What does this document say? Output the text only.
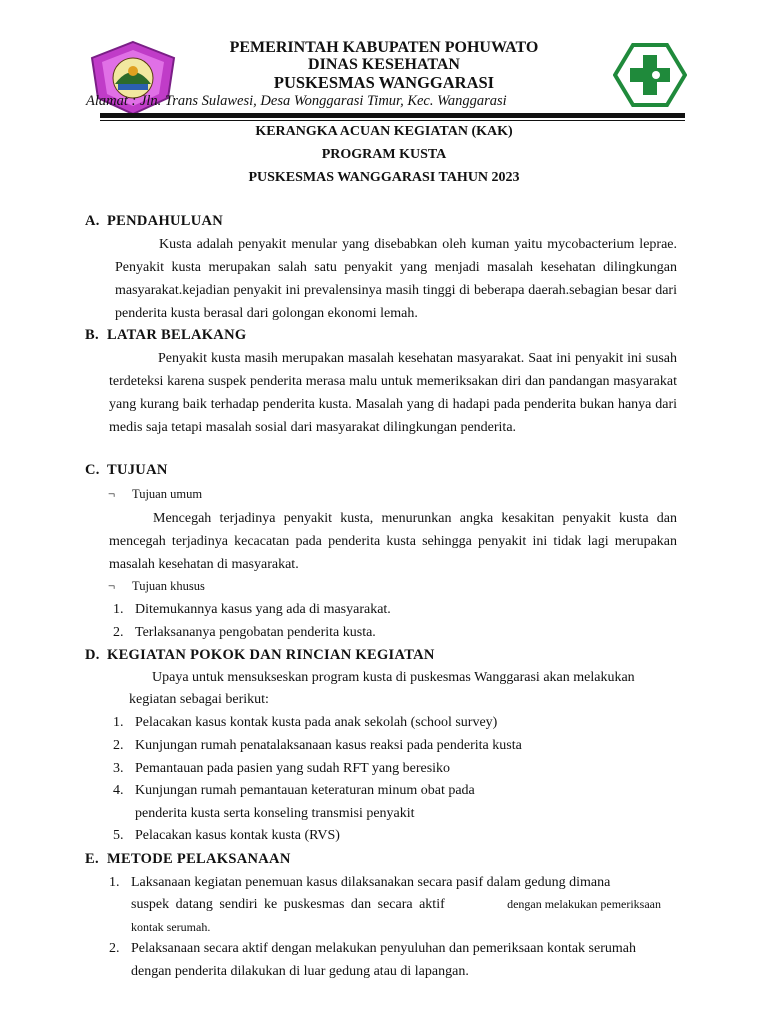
PEMERINTAH KABUPATEN POHUWATO
DINAS KESEHATAN
PUSKESMAS WANGGARASI
Alamat : Jln. Trans Sulawesi, Desa Wonggarasi Timur, Kec. Wanggarasi
KERANGKA ACUAN KEGIATAN (KAK)
PROGRAM KUSTA
PUSKESMAS WANGGARASI TAHUN 2023
A. PENDAHULUAN
Kusta adalah penyakit menular yang disebabkan oleh kuman yaitu mycobacterium leprae. Penyakit kusta merupakan salah satu penyakit yang menjadi masalah kesehatan dilingkungan masyarakat.kejadian penyakit ini prevalensinya masih tinggi di beberapa daerah.sebagian besar dari penderita kusta berasal dari golongan ekonomi lemah.
B. LATAR BELAKANG
Penyakit kusta masih merupakan masalah kesehatan masyarakat. Saat ini penyakit ini susah terdeteksi karena suspek penderita merasa malu untuk memeriksakan diri dan pandangan masyarakat yang kurang baik terhadap penderita kusta. Masalah yang di hadapi pada penderita bukan hanya dari medis saja tetapi masalah sosial dari masyarakat dilingkungan penderita.
C. TUJUAN
¬ Tujuan umum
Mencegah terjadinya penyakit kusta, menurunkan angka kesakitan penyakit kusta dan mencegah terjadinya kecacatan pada penderita kusta sehingga penyakit ini tidak lagi merupakan masalah kesehatan di masyarakat.
¬ Tujuan khusus
1. Ditemukannya kasus yang ada di masyarakat.
2. Terlaksananya pengobatan penderita kusta.
D. KEGIATAN POKOK DAN RINCIAN KEGIATAN
Upaya untuk mensukseskan program kusta di puskesmas Wanggarasi akan melakukan
kegiatan sebagai berikut:
1. Pelacakan kasus kontak kusta pada anak sekolah (school survey)
2. Kunjungan rumah penatalaksanaan kasus reaksi pada penderita kusta
3. Pemantauan pada pasien yang sudah RFT yang beresiko
4. Kunjungan rumah pemantauan keteraturan minum obat pada
penderita kusta serta konseling transmisi penyakit
5. Pelacakan kasus kontak kusta (RVS)
E. METODE PELAKSANAAN
1. Laksanaan kegiatan penemuan kasus dilaksanakan secara pasif dalam gedung dimana
suspek datang sendiri ke puskesmas dan secara aktif	dengan melakukan pemeriksaan
kontak serumah.
2. Pelaksanaan secara aktif dengan melakukan penyuluhan dan pemeriksaan kontak serumah
dengan penderita dilakukan di luar gedung atau di lapangan.
